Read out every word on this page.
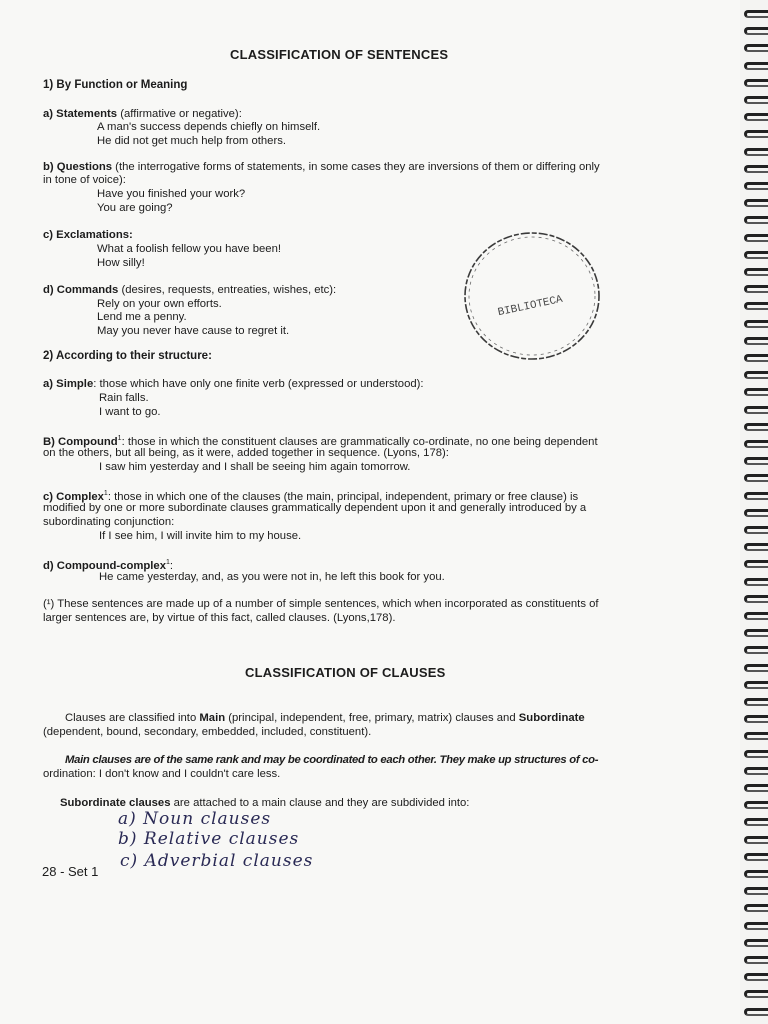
CLASSIFICATION OF SENTENCES
1) By Function or Meaning
a) Statements (affirmative or negative):
A man's success depends chiefly on himself.
He did not get much help from others.
b) Questions (the interrogative forms of statements, in some cases they are inversions of them or differing only
in tone of voice):
Have you finished your work?
You are going?
c) Exclamations:
What a foolish fellow you have been!
How silly!
d) Commands (desires, requests, entreaties, wishes, etc):
Rely on your own efforts.
Lend me a penny.
May you never have cause to regret it.
BIBLIOTECA
2) According to their structure:
a) Simple: those which have only one finite verb (expressed or understood):
Rain falls.
I want to go.
B) Compound$^1$: those in which the constituent clauses are grammatically co-ordinate, no one being dependent
on the others, but all being, as it were, added together in sequence. (Lyons, 178):
I saw him yesterday and I shall be seeing him again tomorrow.
c) Complex$^1$: those in which one of the clauses (the main, principal, independent, primary or free clause) is
modified by one or more subordinate clauses grammatically dependent upon it and generally introduced by a
subordinating conjunction:
If I see him, I will invite him to my house.
d) Compound-complex$^1$:
He came yesterday, and, as you were not in, he left this book for you.
(¹) These sentences are made up of a number of simple sentences, which when incorporated as constituents of
larger sentences are, by virtue of this fact, called clauses. (Lyons,178).
CLASSIFICATION OF CLAUSES
Clauses are classified into Main (principal, independent, free, primary, matrix) clauses and Subordinate
(dependent, bound, secondary, embedded, included, constituent).
Main clauses are of the same rank and may be coordinated to each other. They make up structures of co-
ordination: I don't know and I couldn't care less.
Subordinate clauses are attached to a main clause and they are subdivided into:
a) Noun clauses
b) Relative clauses
c) Adverbial clauses
28 - Set 1
